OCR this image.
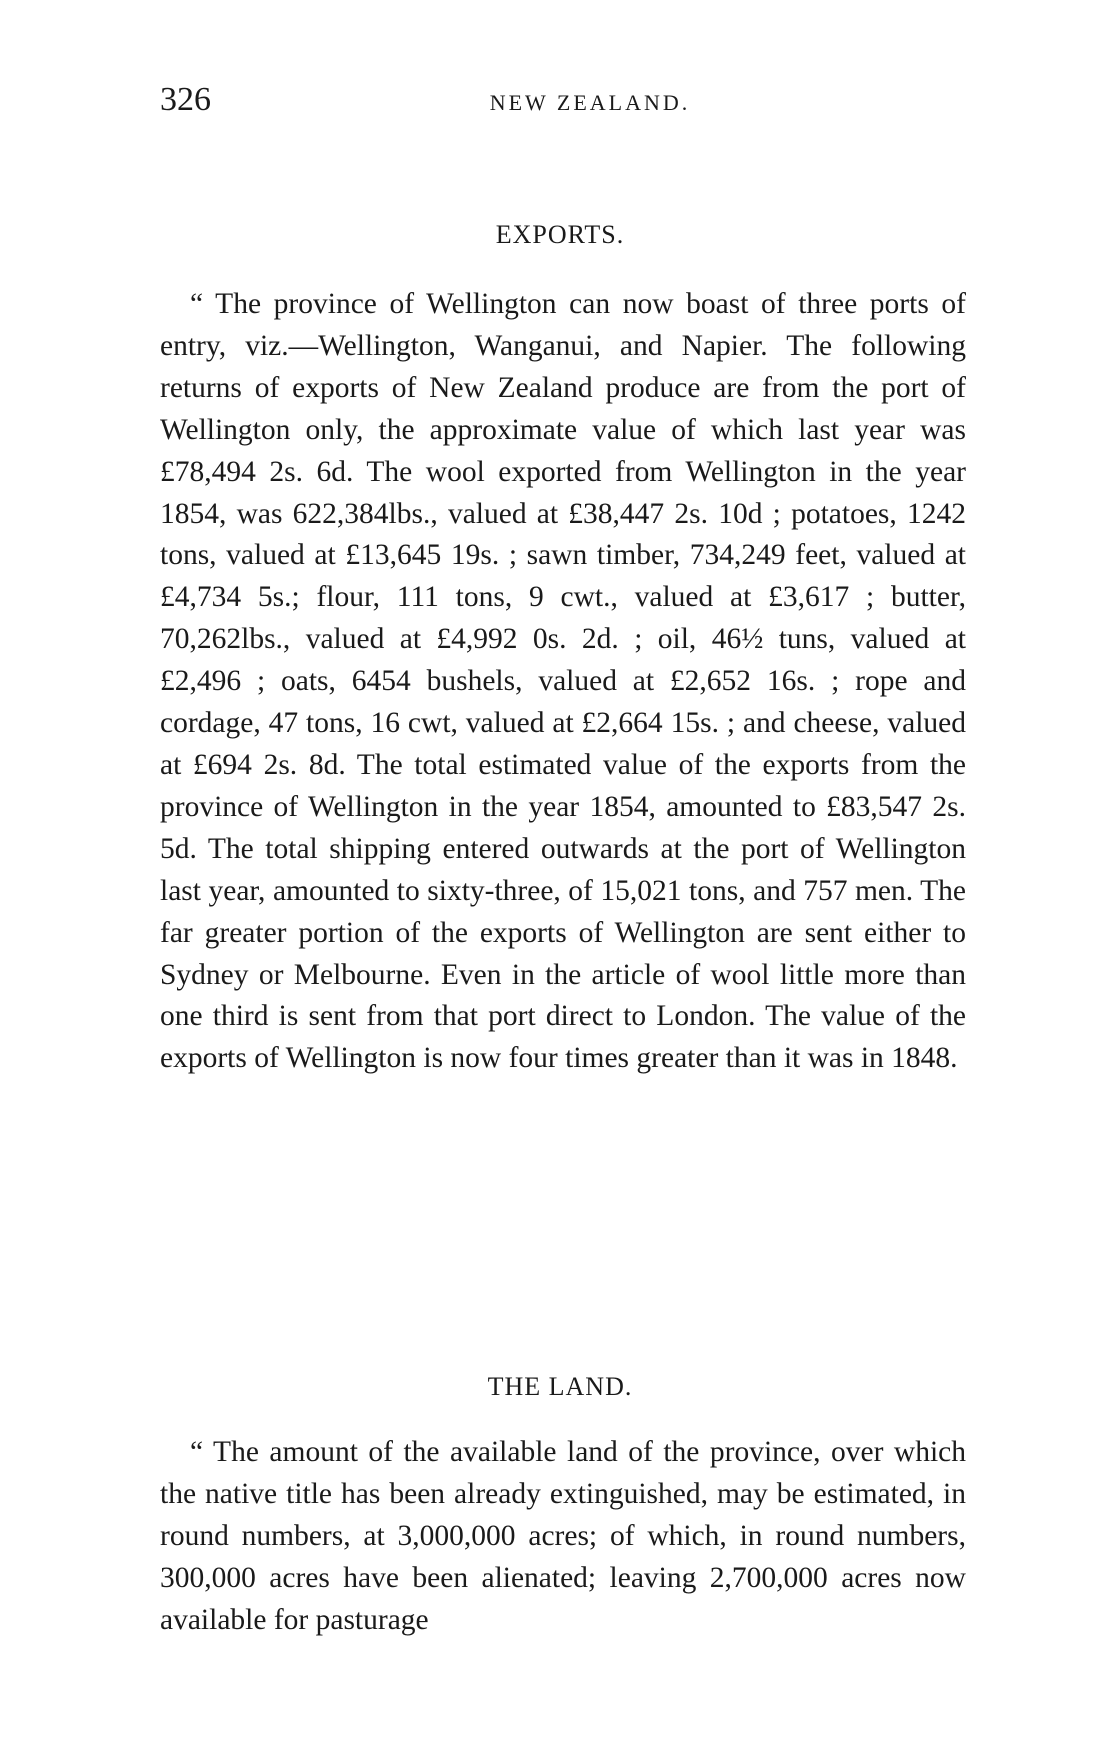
326	NEW ZEALAND.
EXPORTS.

“ The province of Wellington can now boast of three ports of entry, viz.—Wellington, Wanganui, and Napier. The following returns of exports of New Zealand produce are from the port of Wellington only, the approximate value of which last year was £78,494 2s. 6d. The wool exported from Wellington in the year 1854, was 622,384lbs., valued at £38,447 2s. 10d ; potatoes, 1242 tons, valued at £13,645 19s. ; sawn timber, 734,249 feet, valued at £4,734 5s.; flour, 111 tons, 9 cwt., valued at £3,617 ; butter, 70,262lbs., valued at £4,992 0s. 2d. ; oil, 46½ tuns, valued at £2,496 ; oats, 6454 bushels, valued at £2,652 16s. ; rope and cordage, 47 tons, 16 cwt, valued at £2,664 15s. ; and cheese, valued at £694 2s. 8d. The total estimated value of the exports from the province of Wellington in the year 1854, amounted to £83,547 2s. 5d. The total shipping entered outwards at the port of Wellington last year, amounted to sixty-three, of 15,021 tons, and 757 men. The far greater portion of the exports of Wellington are sent either to Sydney or Melbourne. Even in the article of wool little more than one third is sent from that port direct to London. The value of the exports of Wellington is now four times greater than it was in 1848.

THE LAND.

“ The amount of the available land of the province, over which the native title has been already extinguished, may be estimated, in round numbers, at 3,000,000 acres; of which, in round numbers, 300,000 acres have been alienated; leaving 2,700,000 acres now available for pasturage
